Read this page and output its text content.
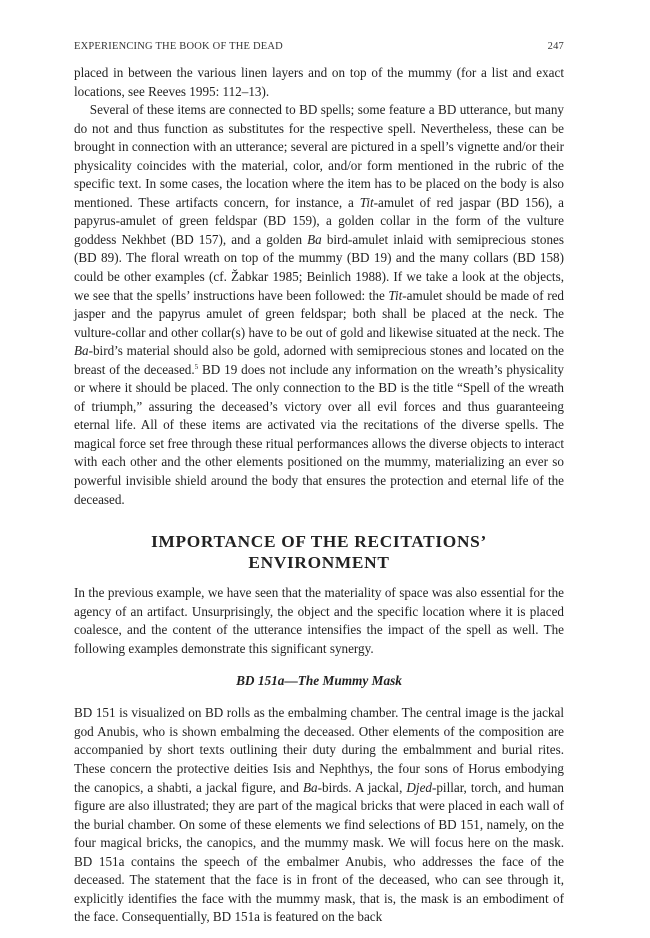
EXPERIENCING THE BOOK OF THE DEAD	247

placed in between the various linen layers and on top of the mummy (for a list and exact locations, see Reeves 1995: 112–13).

Several of these items are connected to BD spells; some feature a BD utterance, but many do not and thus function as substitutes for the respective spell. Nevertheless, these can be brought in connection with an utterance; several are pictured in a spell’s vignette and/or their physicality coincides with the material, color, and/or form mentioned in the rubric of the specific text. In some cases, the location where the item has to be placed on the body is also mentioned. These artifacts concern, for instance, a Tit-amulet of red jaspar (BD 156), a papyrus-amulet of green feldspar (BD 159), a golden collar in the form of the vulture goddess Nekhbet (BD 157), and a golden Ba bird-amulet inlaid with semiprecious stones (BD 89). The floral wreath on top of the mummy (BD 19) and the many collars (BD 158) could be other examples (cf. Žabkar 1985; Beinlich 1988). If we take a look at the objects, we see that the spells’ instructions have been followed: the Tit-amulet should be made of red jasper and the papyrus amulet of green feldspar; both shall be placed at the neck. The vulture-collar and other collar(s) have to be out of gold and likewise situated at the neck. The Ba-bird’s material should also be gold, adorned with semiprecious stones and located on the breast of the deceased.$^5$ BD 19 does not include any information on the wreath’s physicality or where it should be placed. The only connection to the BD is the title “Spell of the wreath of triumph,” assuring the deceased’s victory over all evil forces and thus guaranteeing eternal life. All of these items are activated via the recitations of the diverse spells. The magical force set free through these ritual performances allows the diverse objects to interact with each other and the other elements positioned on the mummy, materializing an ever so powerful invisible shield around the body that ensures the protection and eternal life of the deceased.

IMPORTANCE OF THE RECITATIONS’ ENVIRONMENT

In the previous example, we have seen that the materiality of space was also essential for the agency of an artifact. Unsurprisingly, the object and the specific location where it is placed coalesce, and the content of the utterance intensifies the impact of the spell as well. The following examples demonstrate this significant synergy.

BD 151a—The Mummy Mask

BD 151 is visualized on BD rolls as the embalming chamber. The central image is the jackal god Anubis, who is shown embalming the deceased. Other elements of the composition are accompanied by short texts outlining their duty during the embalmment and burial rites. These concern the protective deities Isis and Nephthys, the four sons of Horus embodying the canopics, a shabti, a jackal figure, and Ba-birds. A jackal, Djed-pillar, torch, and human figure are also illustrated; they are part of the magical bricks that were placed in each wall of the burial chamber. On some of these elements we find selections of BD 151, namely, on the four magical bricks, the canopics, and the mummy mask. We will focus here on the mask. BD 151a contains the speech of the embalmer Anubis, who addresses the face of the deceased. The statement that the face is in front of the deceased, who can see through it, explicitly identifies the face with the mummy mask, that is, the mask is an embodiment of the face. Consequentially, BD 151a is featured on the back
